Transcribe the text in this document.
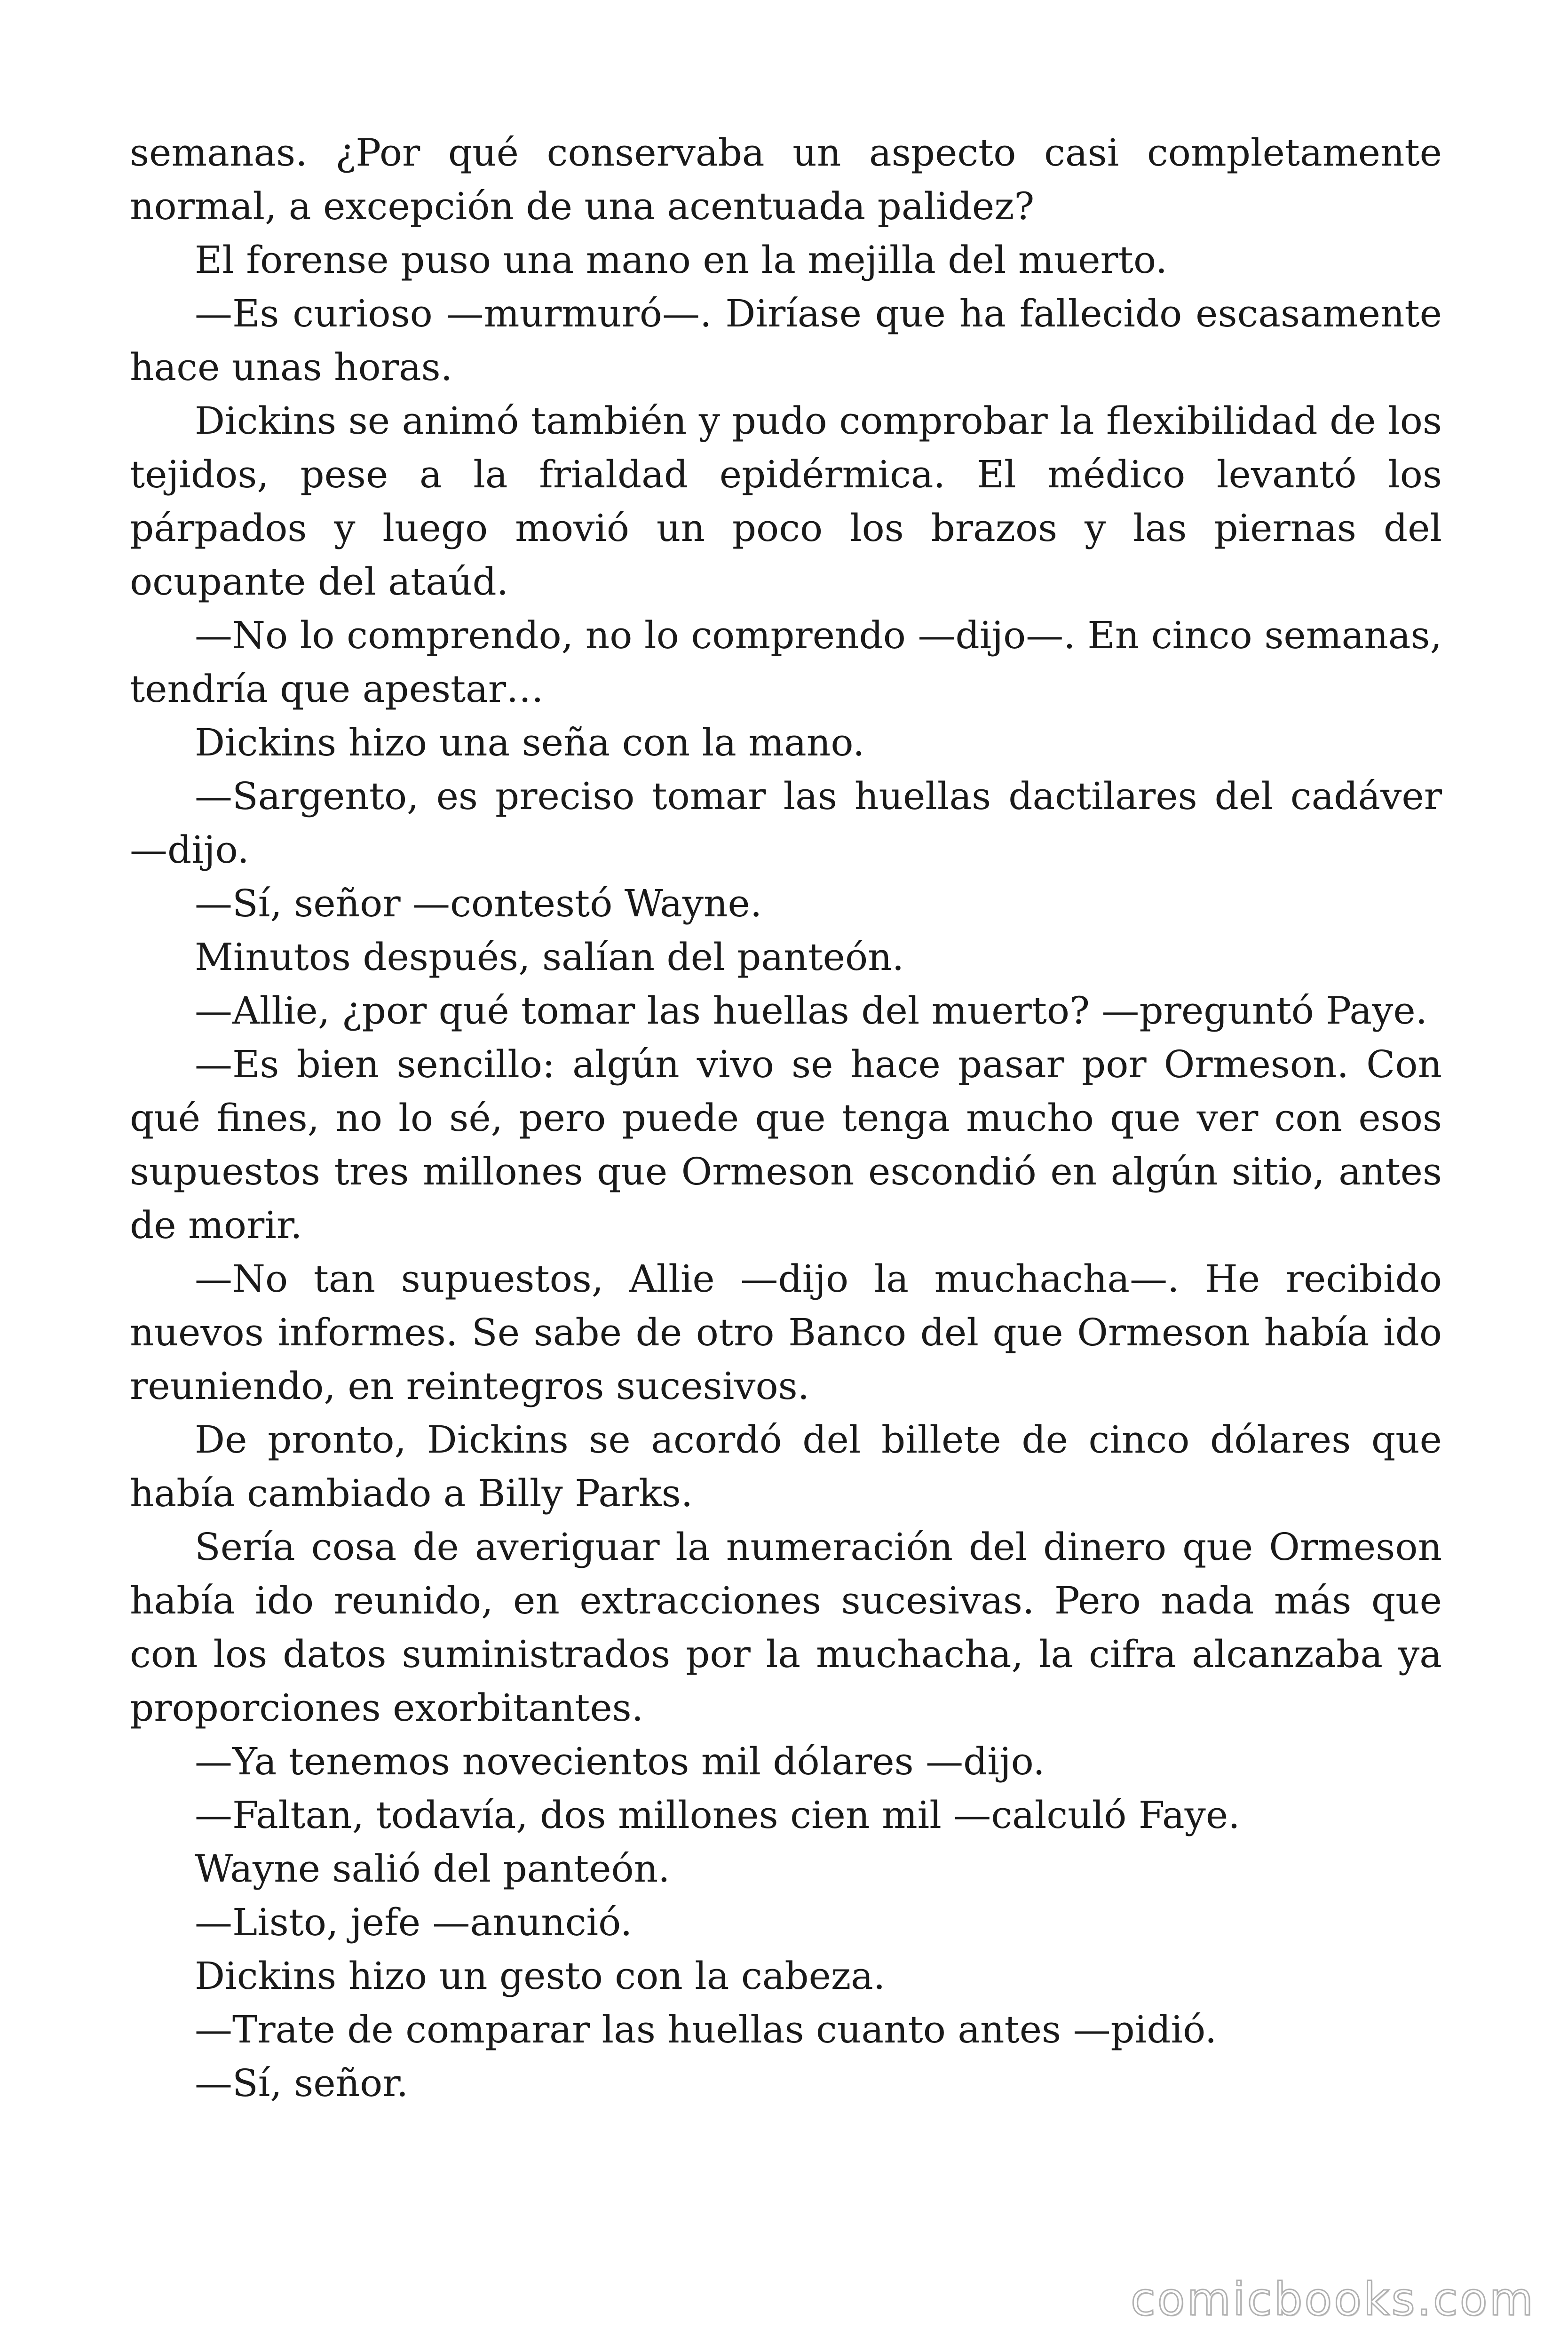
semanas. ¿Por qué conservaba un aspecto casi completamente normal, a excepción de una acentuada palidez?

El forense puso una mano en la mejilla del muerto.

—Es curioso —murmuró—. Diríase que ha fallecido escasamente hace unas horas.

Dickins se animó también y pudo comprobar la flexibilidad de los tejidos, pese a la frialdad epidérmica. El médico levantó los párpados y luego movió un poco los brazos y las piernas del ocupante del ataúd.

—No lo comprendo, no lo comprendo —dijo—. En cinco semanas, tendría que apestar…

Dickins hizo una seña con la mano.

—Sargento, es preciso tomar las huellas dactilares del cadáver —dijo.

—Sí, señor —contestó Wayne.

Minutos después, salían del panteón.

—Allie, ¿por qué tomar las huellas del muerto? —preguntó Paye.

—Es bien sencillo: algún vivo se hace pasar por Ormeson. Con qué fines, no lo sé, pero puede que tenga mucho que ver con esos supuestos tres millones que Ormeson escondió en algún sitio, antes de morir.

—No tan supuestos, Allie —dijo la muchacha—. He recibido nuevos informes. Se sabe de otro Banco del que Ormeson había ido reuniendo, en reintegros sucesivos.

De pronto, Dickins se acordó del billete de cinco dólares que había cambiado a Billy Parks.

Sería cosa de averiguar la numeración del dinero que Ormeson había ido reunido, en extracciones sucesivas. Pero nada más que con los datos suministrados por la muchacha, la cifra alcanzaba ya proporciones exorbitantes.

—Ya tenemos novecientos mil dólares —dijo.

—Faltan, todavía, dos millones cien mil —calculó Faye.

Wayne salió del panteón.

—Listo, jefe —anunció.

Dickins hizo un gesto con la cabeza.

—Trate de comparar las huellas cuanto antes —pidió.

—Sí, señor.

comicbooks.com
